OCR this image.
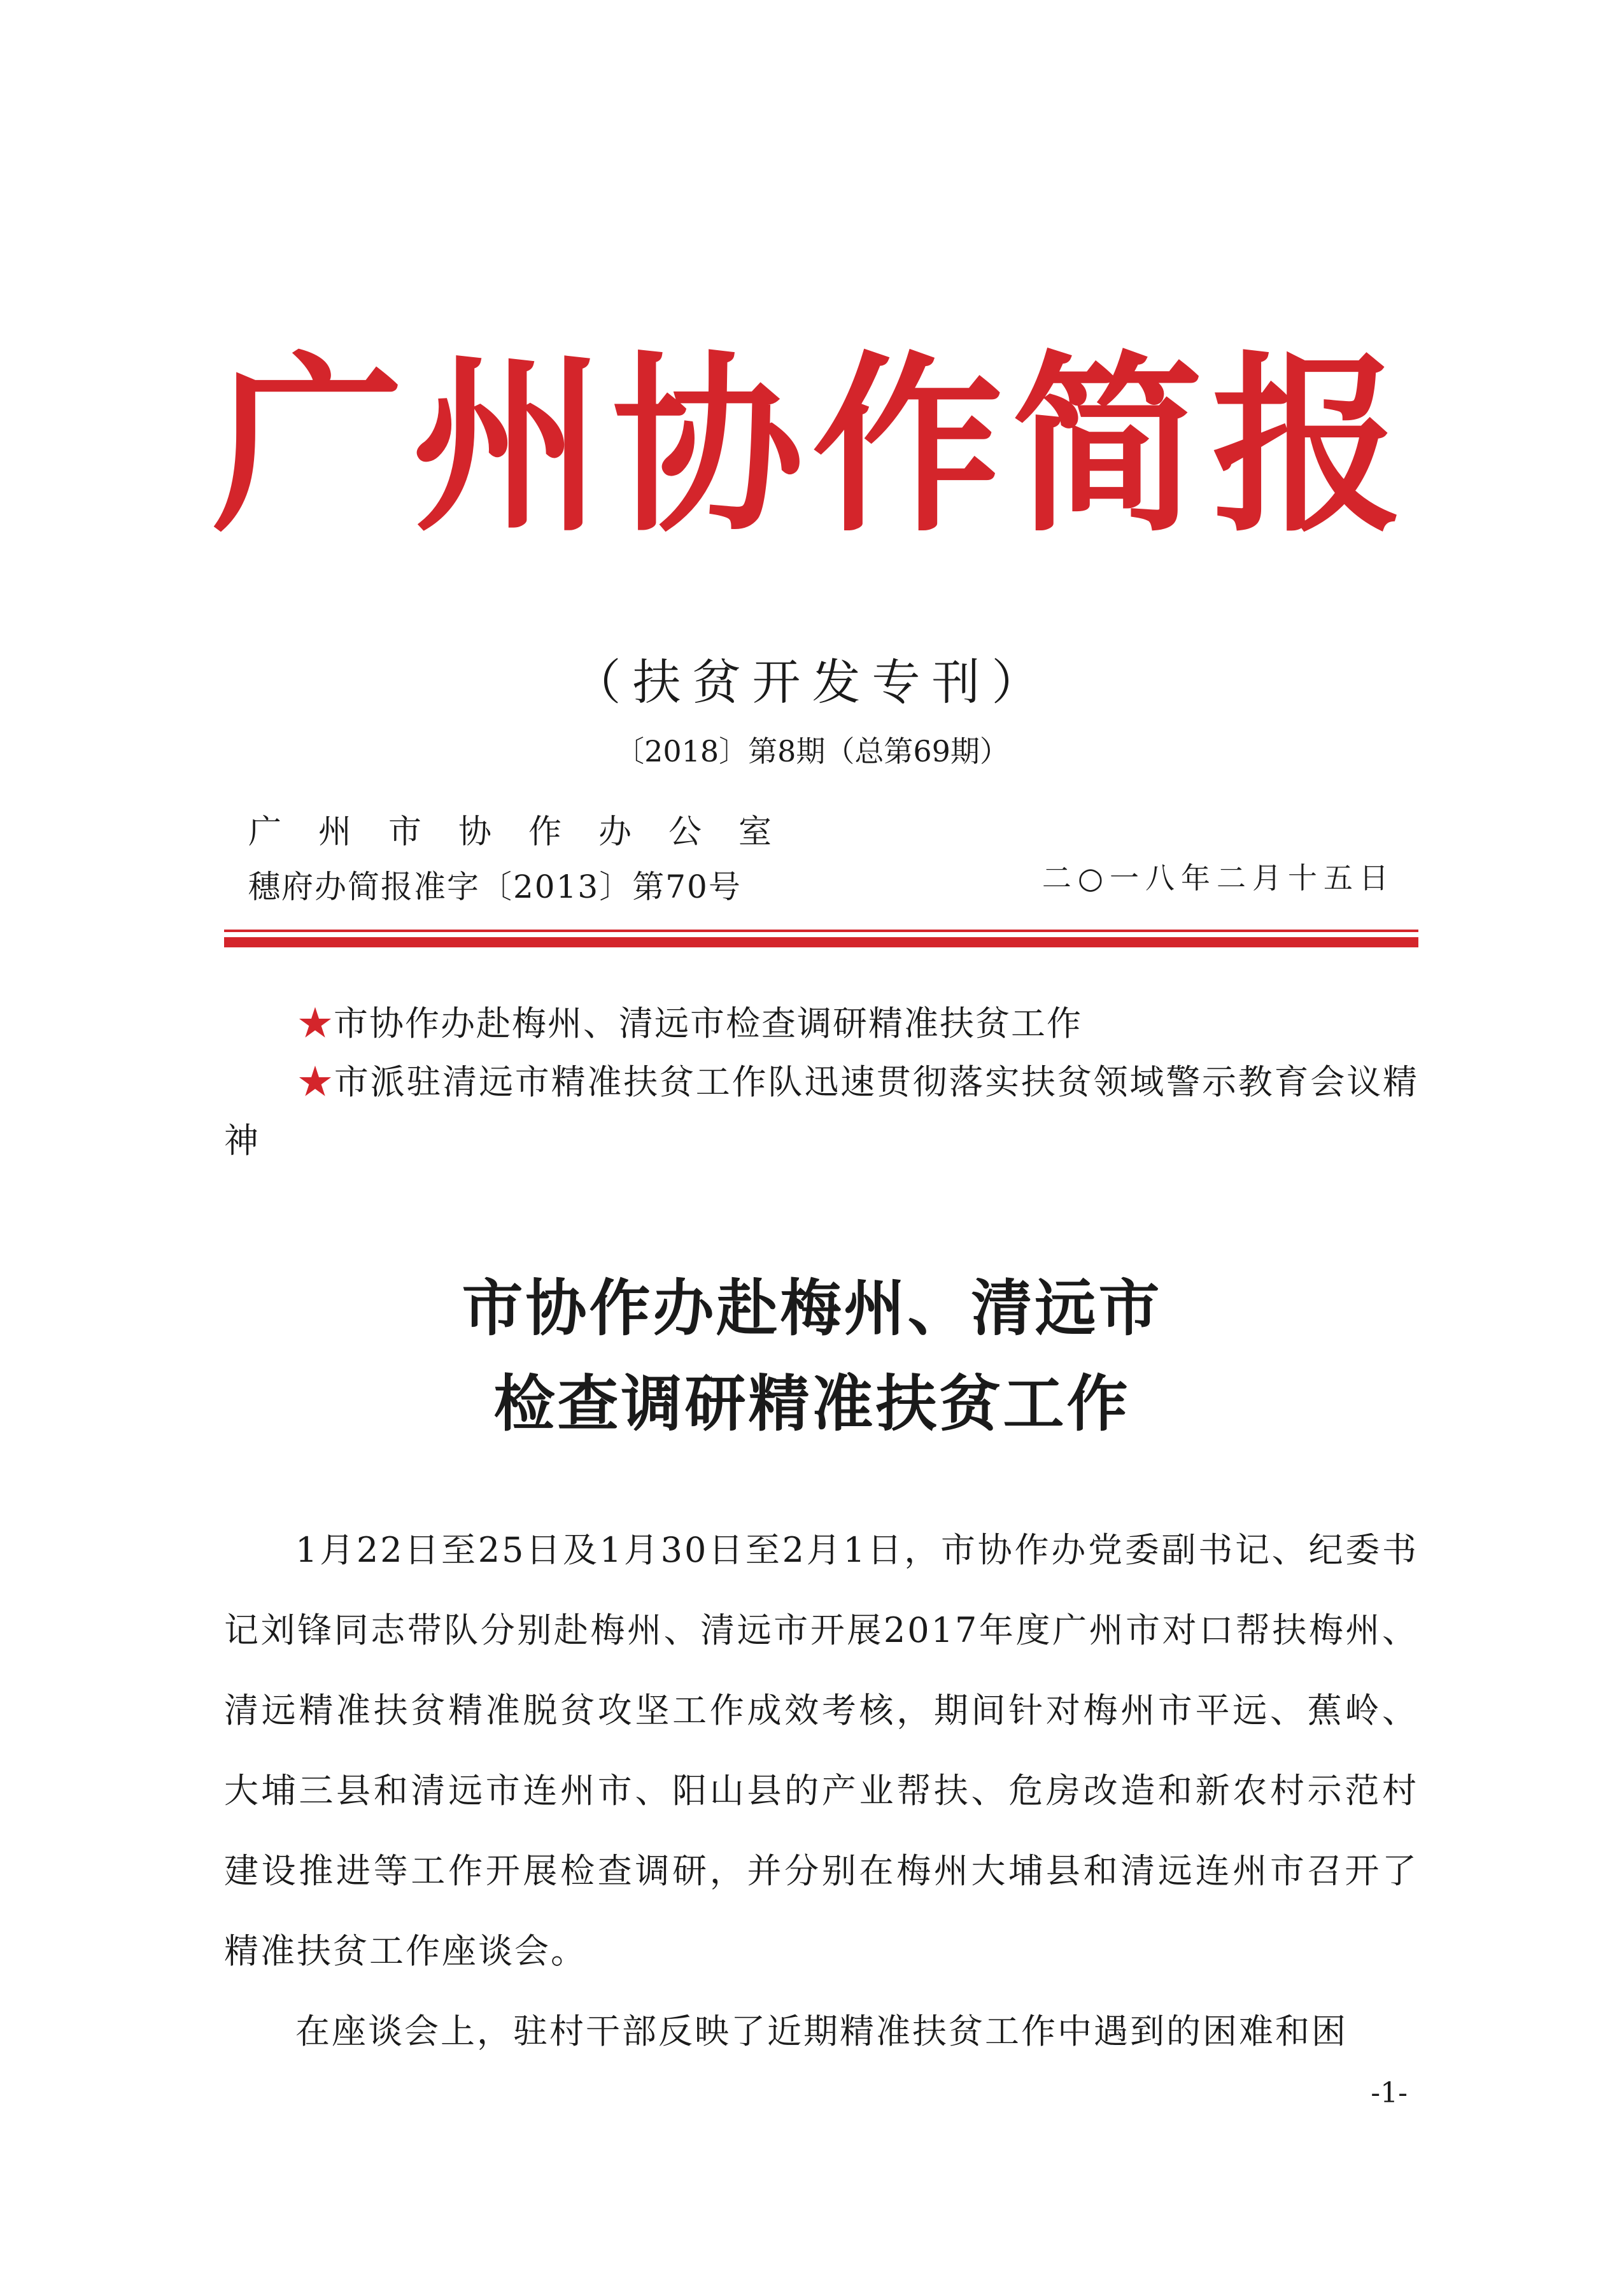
广州协作简报
（扶贫开发专刊）
〔2018〕第8期（总第69期）
广州市协作办公室
穗府办简报准字〔2013〕第70号	二○一八年二月十五日
★市协作办赴梅州、清远市检查调研精准扶贫工作
★市派驻清远市精准扶贫工作队迅速贯彻落实扶贫领域警示教育会议精神
市协作办赴梅州、清远市
检查调研精准扶贫工作

1月22日至25日及1月30日至2月1日，市协作办党委副书记、纪委书记刘锋同志带队分别赴梅州、清远市开展2017年度广州市对口帮扶梅州、清远精准扶贫精准脱贫攻坚工作成效考核，期间针对梅州市平远、蕉岭、大埔三县和清远市连州市、阳山县的产业帮扶、危房改造和新农村示范村建设推进等工作开展检查调研，并分别在梅州大埔县和清远连州市召开了精准扶贫工作座谈会。

在座谈会上，驻村干部反映了近期精准扶贫工作中遇到的困难和困

-1-
